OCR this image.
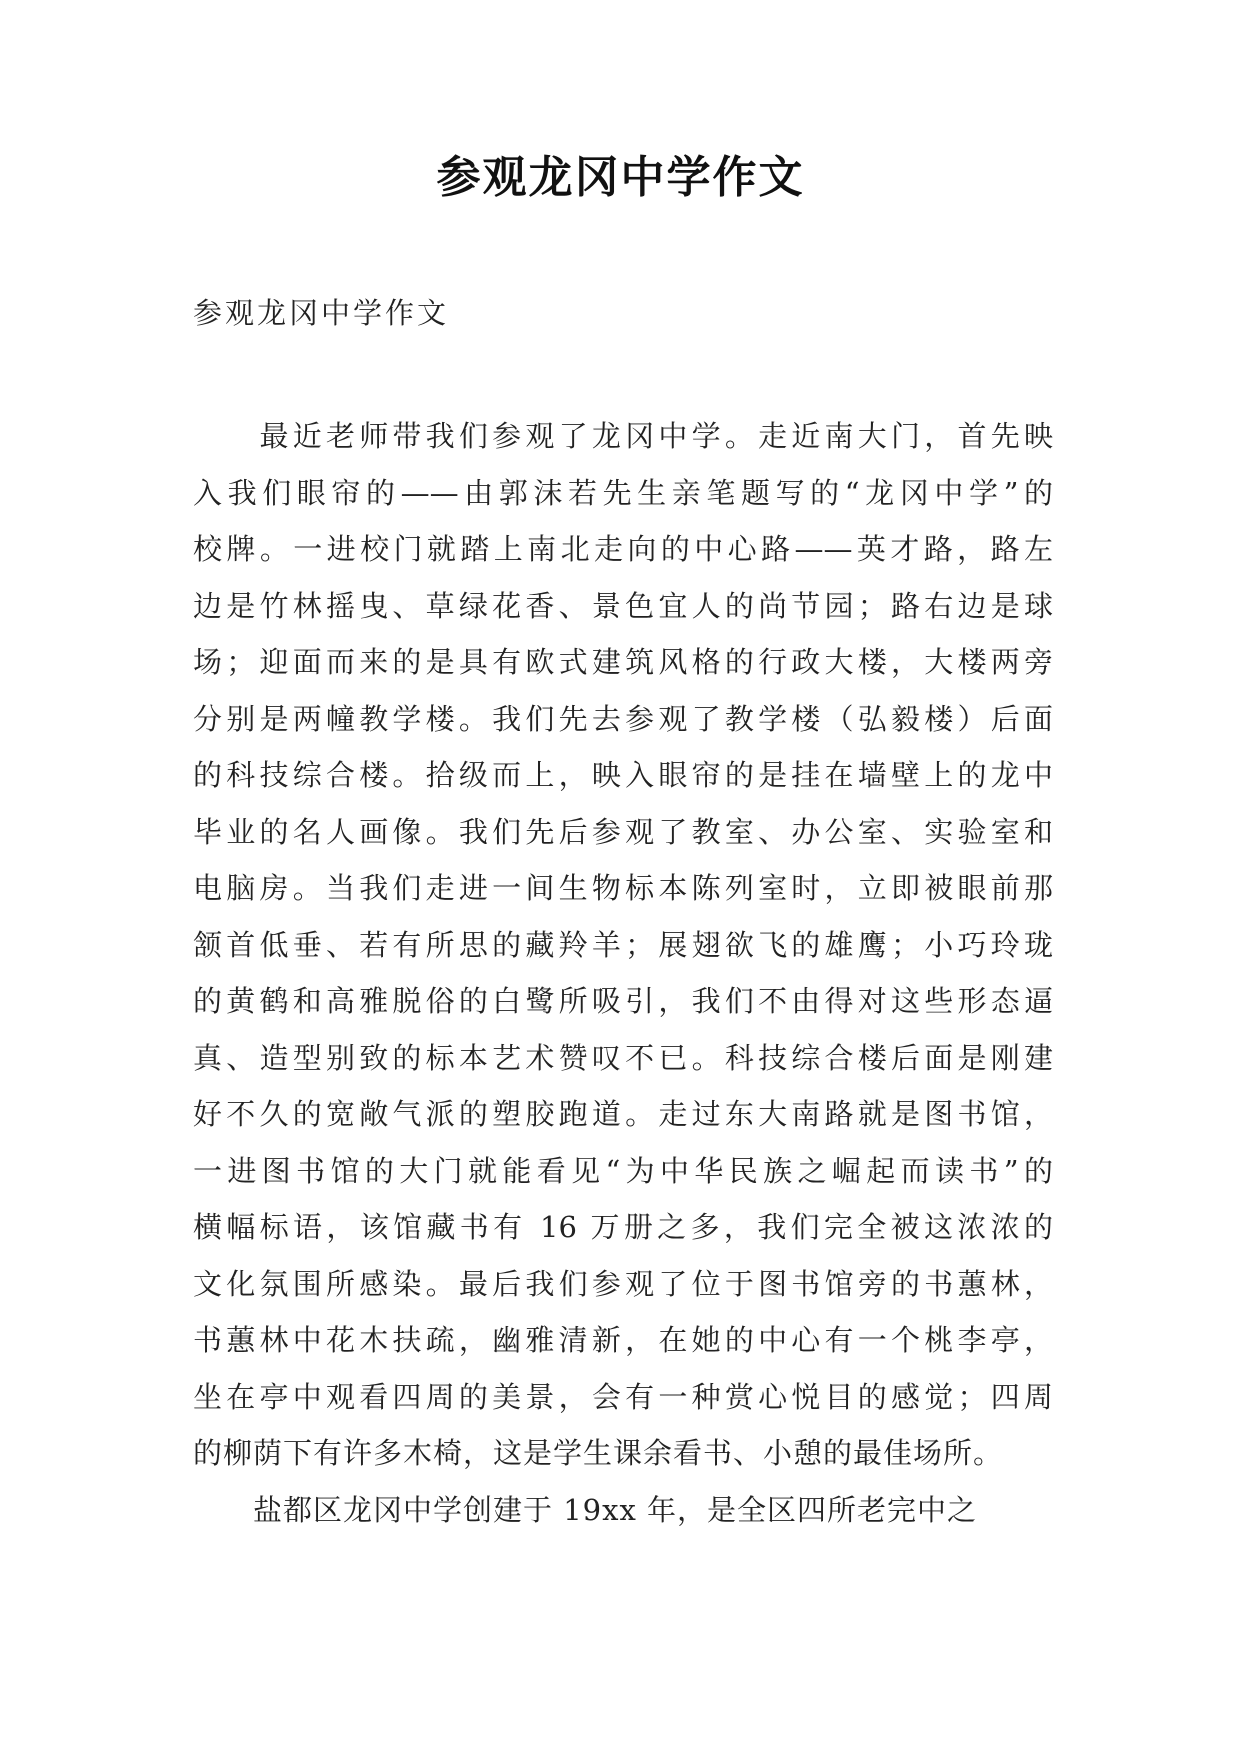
参观龙冈中学作文
参观龙冈中学作文
　　最近老师带我们参观了龙冈中学。走近南大门，首先映
入我们眼帘的——由郭沫若先生亲笔题写的“龙冈中学”的
校牌。一进校门就踏上南北走向的中心路——英才路，路左
边是竹林摇曳、草绿花香、景色宜人的尚节园；路右边是球
场；迎面而来的是具有欧式建筑风格的行政大楼，大楼两旁
分别是两幢教学楼。我们先去参观了教学楼（弘毅楼）后面
的科技综合楼。拾级而上，映入眼帘的是挂在墙壁上的龙中
毕业的名人画像。我们先后参观了教室、办公室、实验室和
电脑房。当我们走进一间生物标本陈列室时，立即被眼前那
颔首低垂、若有所思的藏羚羊；展翅欲飞的雄鹰；小巧玲珑
的黄鹤和高雅脱俗的白鹭所吸引，我们不由得对这些形态逼
真、造型别致的标本艺术赞叹不已。科技综合楼后面是刚建
好不久的宽敞气派的塑胶跑道。走过东大南路就是图书馆，
一进图书馆的大门就能看见“为中华民族之崛起而读书”的
横幅标语，该馆藏书有 16 万册之多，我们完全被这浓浓的
文化氛围所感染。最后我们参观了位于图书馆旁的书蕙林，
书蕙林中花木扶疏，幽雅清新，在她的中心有一个桃李亭，
坐在亭中观看四周的美景，会有一种赏心悦目的感觉；四周
的柳荫下有许多木椅，这是学生课余看书、小憩的最佳场所。
　　盐都区龙冈中学创建于 19xx 年，是全区四所老完中之
